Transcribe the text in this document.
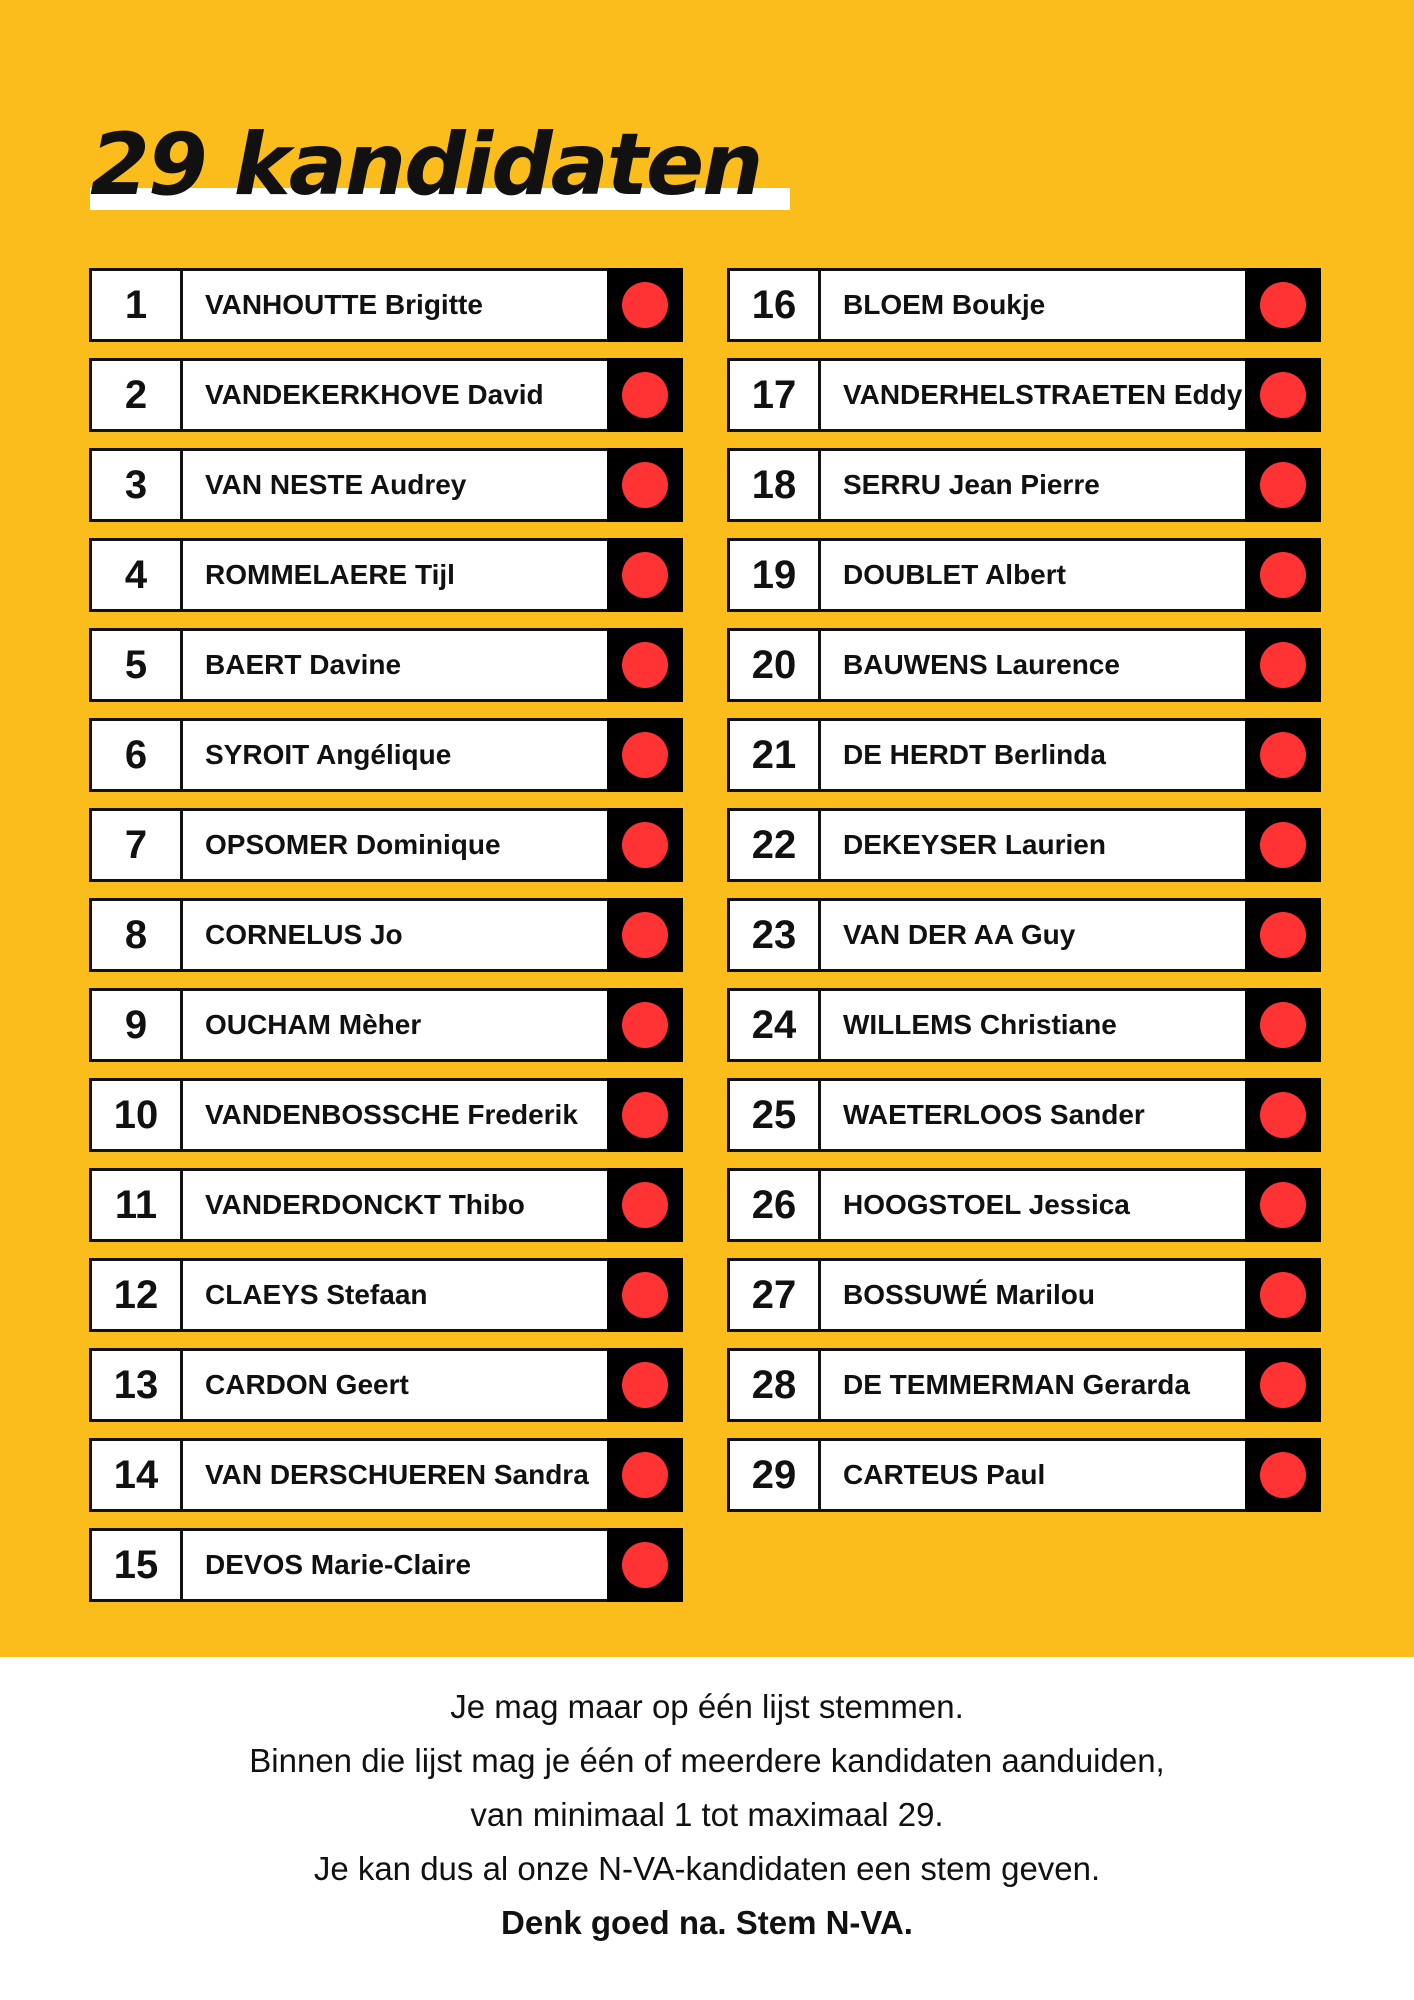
29 kandidaten
1	VANHOUTTE Brigitte
2	VANDEKERKHOVE David
3	VAN NESTE Audrey
4	ROMMELAERE Tijl
5	BAERT Davine
6	SYROIT Angélique
7	OPSOMER Dominique
8	CORNELUS Jo
9	OUCHAM Mèher
10	VANDENBOSSCHE Frederik
11	VANDERDONCKT Thibo
12	CLAEYS Stefaan
13	CARDON Geert
14	VAN DERSCHUEREN Sandra
15	DEVOS Marie-Claire
16	BLOEM Boukje
17	VANDERHELSTRAETEN Eddy
18	SERRU Jean Pierre
19	DOUBLET Albert
20	BAUWENS Laurence
21	DE HERDT Berlinda
22	DEKEYSER Laurien
23	VAN DER AA Guy
24	WILLEMS Christiane
25	WAETERLOOS Sander
26	HOOGSTOEL Jessica
27	BOSSUWÉ Marilou
28	DE TEMMERMAN Gerarda
29	CARTEUS Paul

Je mag maar op één lijst stemmen.

Binnen die lijst mag je één of meerdere kandidaten aanduiden,

van minimaal 1 tot maximaal 29.

Je kan dus al onze N-VA-kandidaten een stem geven.

Denk goed na. Stem N-VA.
